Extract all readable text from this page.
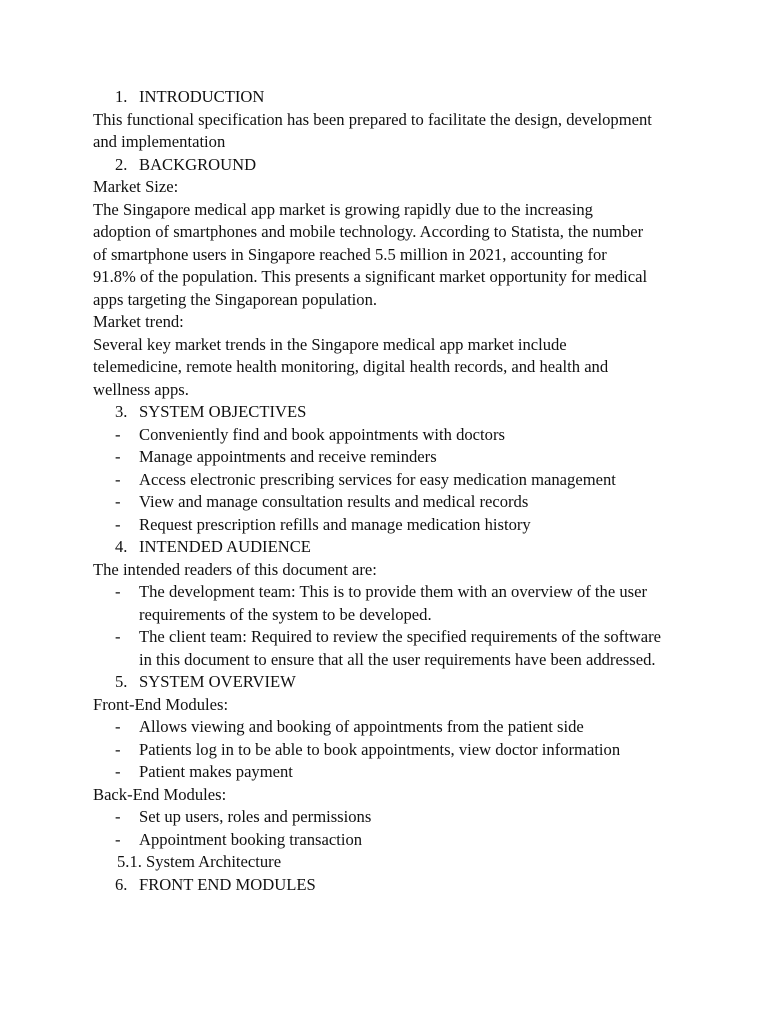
1. INTRODUCTION
This functional specification has been prepared to facilitate the design, development and implementation
2. BACKGROUND
Market Size:
The Singapore medical app market is growing rapidly due to the increasing adoption of smartphones and mobile technology. According to Statista, the number of smartphone users in Singapore reached 5.5 million in 2021, accounting for 91.8% of the population. This presents a significant market opportunity for medical apps targeting the Singaporean population.
Market trend:
Several key market trends in the Singapore medical app market include telemedicine, remote health monitoring, digital health records, and health and wellness apps.
3. SYSTEM OBJECTIVES
- Conveniently find and book appointments with doctors
- Manage appointments and receive reminders
- Access electronic prescribing services for easy medication management
- View and manage consultation results and medical records
- Request prescription refills and manage medication history
4. INTENDED AUDIENCE
The intended readers of this document are:
- The development team: This is to provide them with an overview of the user requirements of the system to be developed.
- The client team: Required to review the specified requirements of the software in this document to ensure that all the user requirements have been addressed.
5. SYSTEM OVERVIEW
Front-End Modules:
- Allows viewing and booking of appointments from the patient side
- Patients log in to be able to book appointments, view doctor information
- Patient makes payment
Back-End Modules:
- Set up users, roles and permissions
- Appointment booking transaction
5.1. System Architecture
6. FRONT END MODULES
